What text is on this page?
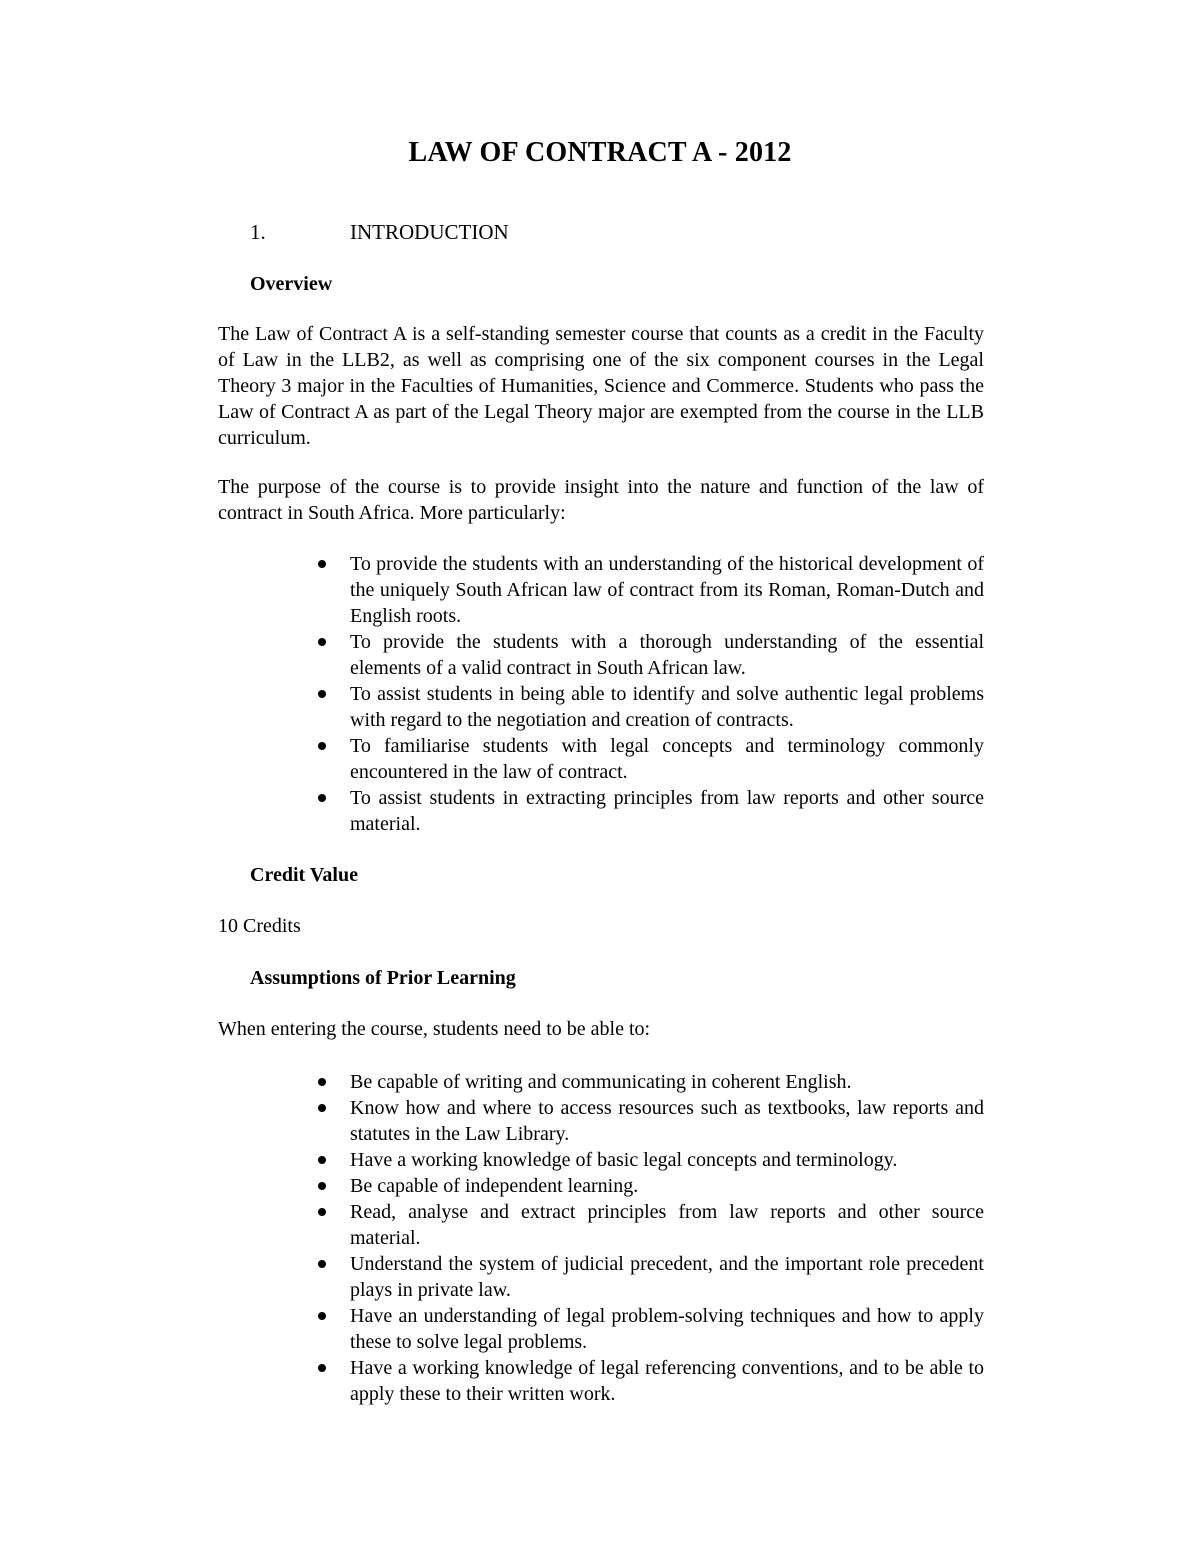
LAW OF CONTRACT A - 2012
1.	INTRODUCTION
Overview
The Law of Contract A is a self-standing semester course that counts as a credit in the Faculty of Law in the LLB2, as well as comprising one of the six component courses in the Legal Theory 3 major in the Faculties of Humanities, Science and Commerce. Students who pass the Law of Contract A as part of the Legal Theory major are exempted from the course in the LLB curriculum.
The purpose of the course is to provide insight into the nature and function of the law of contract in South Africa. More particularly:
To provide the students with an understanding of the historical development of the uniquely South African law of contract from its Roman, Roman-Dutch and English roots.
To provide the students with a thorough understanding of the essential elements of a valid contract in South African law.
To assist students in being able to identify and solve authentic legal problems with regard to the negotiation and creation of contracts.
To familiarise students with legal concepts and terminology commonly encountered in the law of contract.
To assist students in extracting principles from law reports and other source material.
Credit Value
10 Credits
Assumptions of Prior Learning
When entering the course, students need to be able to:
Be capable of writing and communicating in coherent English.
Know how and where to access resources such as textbooks, law reports and statutes in the Law Library.
Have a working knowledge of basic legal concepts and terminology.
Be capable of independent learning.
Read, analyse and extract principles from law reports and other source material.
Understand the system of judicial precedent, and the important role precedent plays in private law.
Have an understanding of legal problem-solving techniques and how to apply these to solve legal problems.
Have a working knowledge of legal referencing conventions, and to be able to apply these to their written work.
